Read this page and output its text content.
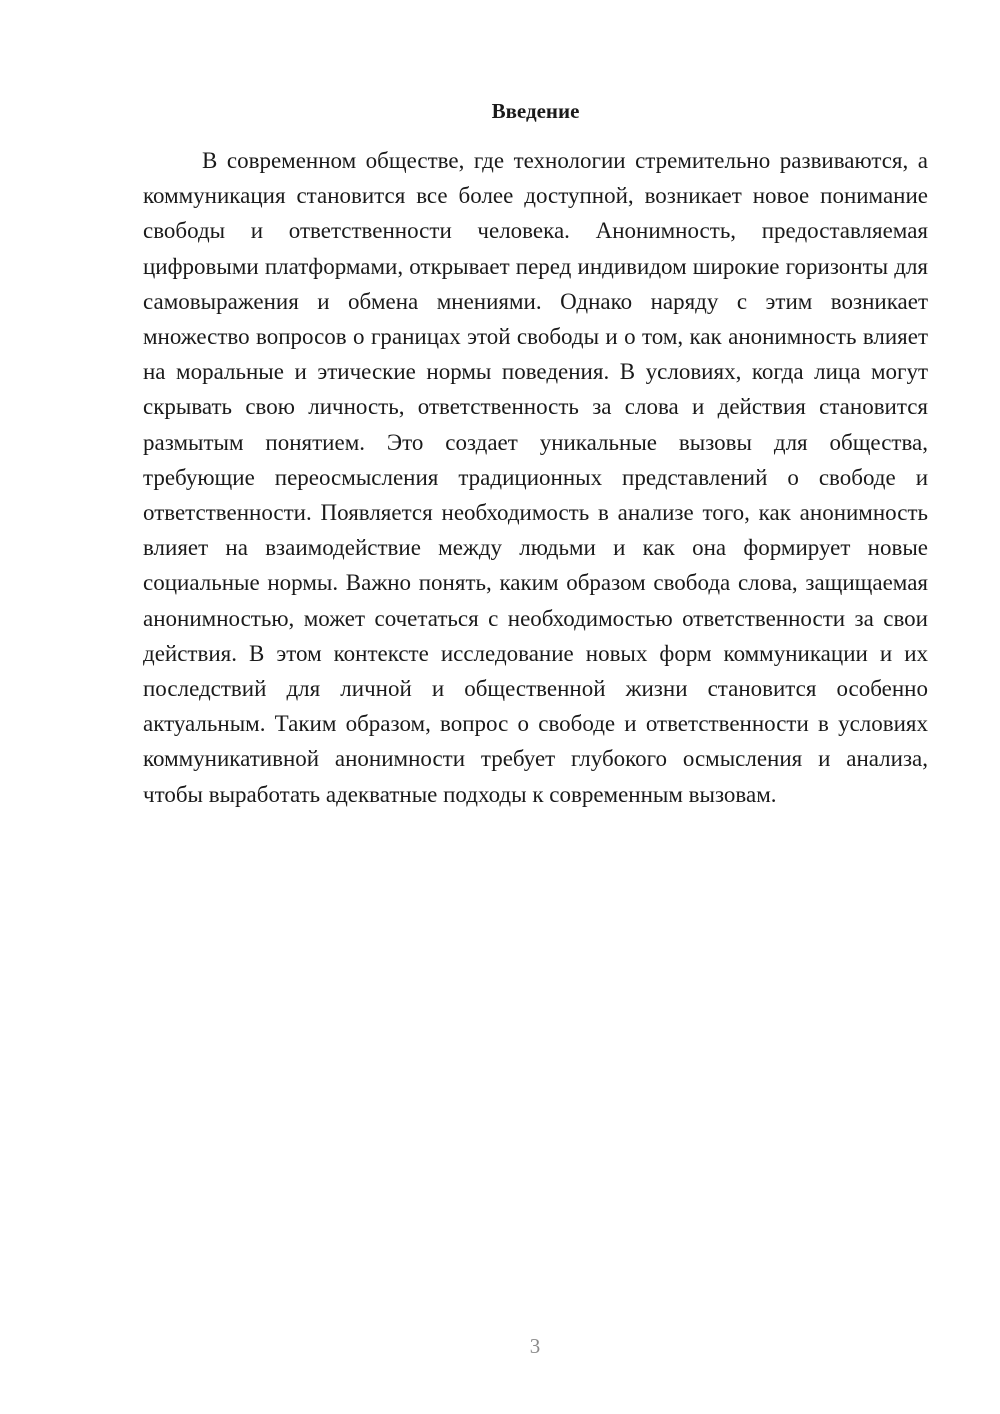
Введение

В современном обществе, где технологии стремительно развиваются, а коммуникация становится все более доступной, возникает новое понимание свободы и ответственности человека. Анонимность, предоставляемая цифровыми платформами, открывает перед индивидом широкие горизонты для самовыражения и обмена мнениями. Однако наряду с этим возникает множество вопросов о границах этой свободы и о том, как анонимность влияет на моральные и этические нормы поведения. В условиях, когда лица могут скрывать свою личность, ответственность за слова и действия становится размытым понятием. Это создает уникальные вызовы для общества, требующие переосмысления традиционных представлений о свободе и ответственности. Появляется необходимость в анализе того, как анонимность влияет на взаимодействие между людьми и как она формирует новые социальные нормы. Важно понять, каким образом свобода слова, защищаемая анонимностью, может сочетаться с необходимостью ответственности за свои действия. В этом контексте исследование новых форм коммуникации и их последствий для личной и общественной жизни становится особенно актуальным. Таким образом, вопрос о свободе и ответственности в условиях коммуникативной анонимности требует глубокого осмысления и анализа, чтобы выработать адекватные подходы к современным вызовам.

3
